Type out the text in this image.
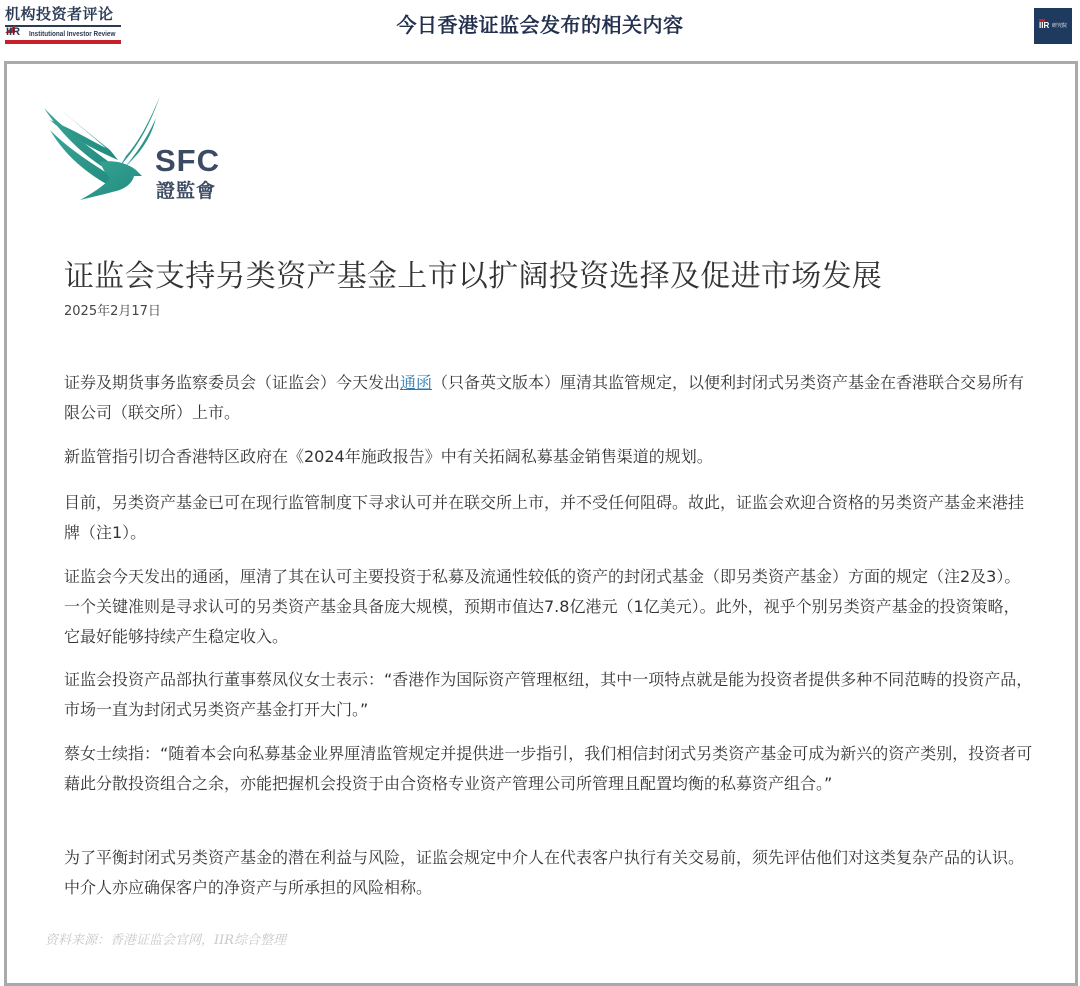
机构投资者评论
IIR Institutional Investor Review	今日香港证监会发布的相关内容	IIR 研究院
SFC
證監會
证监会支持另类资产基金上市以扩阔投资选择及促进市场发展
2025年2月17日

证券及期货事务监察委员会（证监会）今天发出通函（只备英文版本）厘清其监管规定，以便利封闭式另类资产基金在香港联合交易所有限公司（联交所）上市。

新监管指引切合香港特区政府在《2024年施政报告》中有关拓阔私募基金销售渠道的规划。

目前，另类资产基金已可在现行监管制度下寻求认可并在联交所上市，并不受任何阻碍。故此，证监会欢迎合资格的另类资产基金来港挂牌（注1）。

证监会今天发出的通函，厘清了其在认可主要投资于私募及流通性较低的资产的封闭式基金（即另类资产基金）方面的规定（注2及3）。一个关键准则是寻求认可的另类资产基金具备庞大规模，预期市值达7.8亿港元（1亿美元）。此外，视乎个别另类资产基金的投资策略，它最好能够持续产生稳定收入。

证监会投资产品部执行董事蔡凤仪女士表示：“香港作为国际资产管理枢纽，其中一项特点就是能为投资者提供多种不同范畴的投资产品，市场一直为封闭式另类资产基金打开大门。”

蔡女士续指：“随着本会向私募基金业界厘清监管规定并提供进一步指引，我们相信封闭式另类资产基金可成为新兴的资产类别，投资者可藉此分散投资组合之余，亦能把握机会投资于由合资格专业资产管理公司所管理且配置均衡的私募资产组合。”

为了平衡封闭式另类资产基金的潜在利益与风险，证监会规定中介人在代表客户执行有关交易前，须先评估他们对这类复杂产品的认识。中介人亦应确保客户的净资产与所承担的风险相称。

资料来源：香港证监会官网，IIR综合整理
